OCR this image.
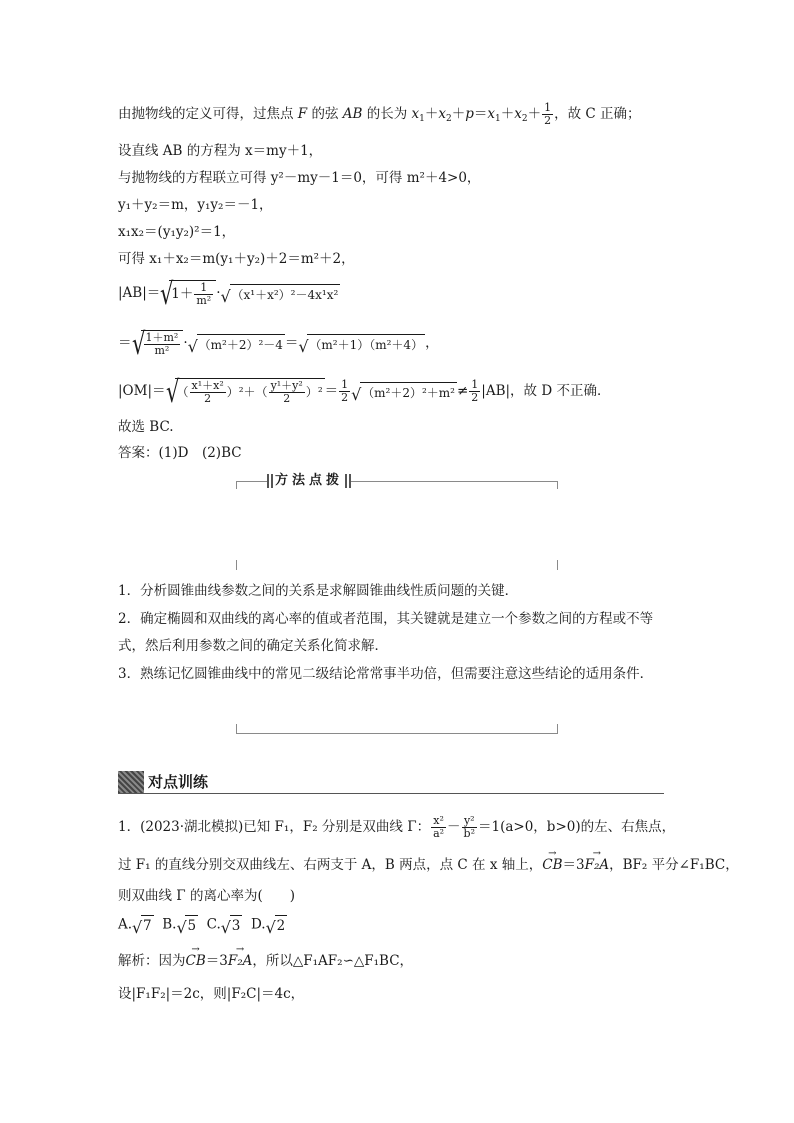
由抛物线的定义可得，过焦点 F 的弦 AB 的长为 $x_1+x_2+p=x_1+x_2+ \frac{1}{2}$ ，故 C 正确；
设直线 AB 的方程为 x＝my＋1，
与抛物线的方程联立可得 y²－my－1＝0，可得 m²＋4>0，
y₁＋y₂＝m，y₁y₂＝－1，
x₁x₂＝(y₁y₂)²＝1，
可得 x₁＋x₂＝m(y₁＋y₂)＋2＝m²＋2，
|AB|＝ √ $1+ \frac{1}{\text{m²}}$ · √ （x¹＋x²）²－4x¹x²
＝ √ $\frac{\text{1＋m²}}{\text{m²}}$ · √ （m²＋2）²－4 ＝ √ （m²＋1）（m²＋4） ，
|OM|＝ √ （ $\frac{\text{x¹＋x²}}{2} )^2+( \frac{\text{y¹＋y²}}{2} )^2 = \frac{1}{2}$ √ $(m^2+2)^2+m^2 \ne \frac{1}{2} |AB|$，故 D 不正确．
故选 BC.
答案：(1)D　(2)BC
方法点拨
1．分析圆锥曲线参数之间的关系是求解圆锥曲线性质问题的关键．
2．确定椭圆和双曲线的离心率的值或者范围，其关键就是建立一个参数之间的方程或不等
式，然后利用参数之间的确定关系化简求解．
3．熟练记忆圆锥曲线中的常见二级结论常常事半功倍，但需要注意这些结论的适用条件．
对点训练
1．(2023·湖北模拟)已知 F₁，F₂ 分别是双曲线 Γ： $\frac{\text{x²}}{\text{a²}} - \frac{\text{y²}}{\text{b²}} =1(a>0$，b>0)的左、右焦点，
过 F₁ 的直线分别交双曲线左、右两支于 A，B 两点，点 C 在 x 轴上，→ CB＝3→ F₂A，BF₂ 平分∠F₁BC，
则双曲线 Γ 的离心率为(　　)
A. √ 7 B. √ 5 C. √ 3 D. √ 2
解析：因为→ CB＝3→ F₂A，所以△F₁AF₂∽△F₁BC，
设|F₁F₂|＝2c，则|F₂C|＝4c，
